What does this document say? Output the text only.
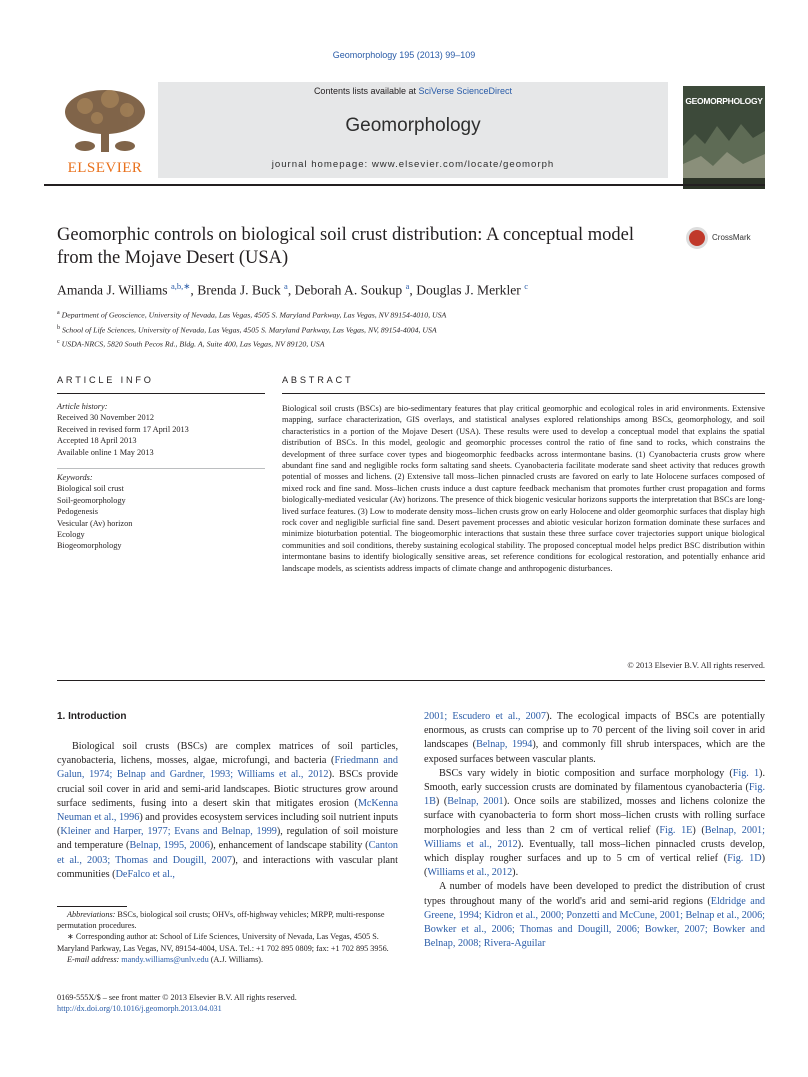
Geomorphology 195 (2013) 99–109
ELSEVIER
Contents lists available at SciVerse ScienceDirect
Geomorphology
journal homepage: www.elsevier.com/locate/geomorph
GEOMORPHOLOGY
Geomorphic controls on biological soil crust distribution: A conceptual model from the Mojave Desert (USA)
CrossMark
Amanda J. Williams $^{a,b,∗}$, Brenda J. Buck $^a$, Deborah A. Soukup $^a$, Douglas J. Merkler $^c$
$^a$ Department of Geoscience, University of Nevada, Las Vegas, 4505 S. Maryland Parkway, Las Vegas, NV 89154-4010, USA
$^b$ School of Life Sciences, University of Nevada, Las Vegas, 4505 S. Maryland Parkway, Las Vegas, NV, 89154-4004, USA
$^c$ USDA-NRCS, 5820 South Pecos Rd., Bldg. A, Suite 400, Las Vegas, NV 89120, USA
ARTICLE INFO	ABSTRACT
Article history:
Received 30 November 2012
Received in revised form 17 April 2013
Accepted 18 April 2013
Available online 1 May 2013
Keywords:
Biological soil crust
Soil-geomorphology
Pedogenesis
Vesicular (Av) horizon
Ecology
Biogeomorphology
Biological soil crusts (BSCs) are bio-sedimentary features that play critical geomorphic and ecological roles in arid environments. Extensive mapping, surface characterization, GIS overlays, and statistical analyses explored relationships among BSCs, geomorphology, and soil characteristics in a portion of the Mojave Desert (USA). These results were used to develop a conceptual model that explains the spatial distribution of BSCs. In this model, geologic and geomorphic processes control the ratio of fine sand to rocks, which constrains the development of three surface cover types and biogeomorphic feedbacks across intermontane basins. (1) Cyanobacteria crusts grow where abundant fine sand and negligible rocks form saltating sand sheets. Cyanobacteria facilitate moderate sand sheet activity that reduces growth potential of mosses and lichens. (2) Extensive tall moss–lichen pinnacled crusts are favored on early to late Holocene surfaces composed of mixed rock and fine sand. Moss–lichen crusts induce a dust capture feedback mechanism that promotes further crust propagation and forms biologically-mediated vesicular (Av) horizons. The presence of thick biogenic vesicular horizons supports the interpretation that BSCs are long-lived surface features. (3) Low to moderate density moss–lichen crusts grow on early Holocene and older geomorphic surfaces that display high rock cover and negligible surficial fine sand. Desert pavement processes and abiotic vesicular horizon formation dominate these surfaces and minimize bioturbation potential. The biogeomorphic interactions that sustain these three surface cover trajectories support unique biological communities and soil conditions, thereby sustaining ecological stability. The proposed conceptual model helps predict BSC distribution within intermontane basins to identify biologically sensitive areas, set reference conditions for ecological restoration, and potentially enhance arid landscape models, as scientists address impacts of climate change and anthropogenic disturbances.
© 2013 Elsevier B.V. All rights reserved.
1. Introduction

Biological soil crusts (BSCs) are complex matrices of soil particles, cyanobacteria, lichens, mosses, algae, microfungi, and bacteria (Friedmann and Galun, 1974; Belnap and Gardner, 1993; Williams et al., 2012). BSCs provide crucial soil cover in arid and semi-arid landscapes. Biotic structures grow around surface sediments, fusing into a desert skin that mitigates erosion (McKenna Neuman et al., 1996) and provides ecosystem services including soil nutrient inputs (Kleiner and Harper, 1977; Evans and Belnap, 1999), regulation of soil moisture and temperature (Belnap, 1995, 2006), enhancement of landscape stability (Canton et al., 2003; Thomas and Dougill, 2007), and interactions with vascular plant communities (DeFalco et al.,

2001; Escudero et al., 2007). The ecological impacts of BSCs are potentially enormous, as crusts can comprise up to 70 percent of the living soil cover in arid landscapes (Belnap, 1994), and commonly fill shrub interspaces, which are the exposed surfaces between vascular plants.

BSCs vary widely in biotic composition and surface morphology (Fig. 1). Smooth, early succession crusts are dominated by filamentous cyanobacteria (Fig. 1B) (Belnap, 2001). Once soils are stabilized, mosses and lichens colonize the surface with cyanobacteria to form short moss–lichen crusts with rolling surface morphologies and less than 2 cm of vertical relief (Fig. 1E) (Belnap, 2001; Williams et al., 2012). Eventually, tall moss–lichen pinnacled crusts develop, which display rougher surfaces and up to 5 cm of vertical relief (Fig. 1D) (Williams et al., 2012).

A number of models have been developed to predict the distribution of crust types throughout many of the world's arid and semi-arid regions (Eldridge and Greene, 1994; Kidron et al., 2000; Ponzetti and McCune, 2001; Belnap et al., 2006; Bowker et al., 2006; Thomas and Dougill, 2006; Bowker, 2007; Bowker and Belnap, 2008; Rivera-Aguilar

Abbreviations: BSCs, biological soil crusts; OHVs, off-highway vehicles; MRPP, multi-response permutation procedures.

∗ Corresponding author at: School of Life Sciences, University of Nevada, Las Vegas, 4505 S. Maryland Parkway, Las Vegas, NV, 89154-4004, USA. Tel.: +1 702 895 0809; fax: +1 702 895 3956.

E-mail address: mandy.williams@unlv.edu (A.J. Williams).

0169-555X/$ – see front matter © 2013 Elsevier B.V. All rights reserved.
http://dx.doi.org/10.1016/j.geomorph.2013.04.031
